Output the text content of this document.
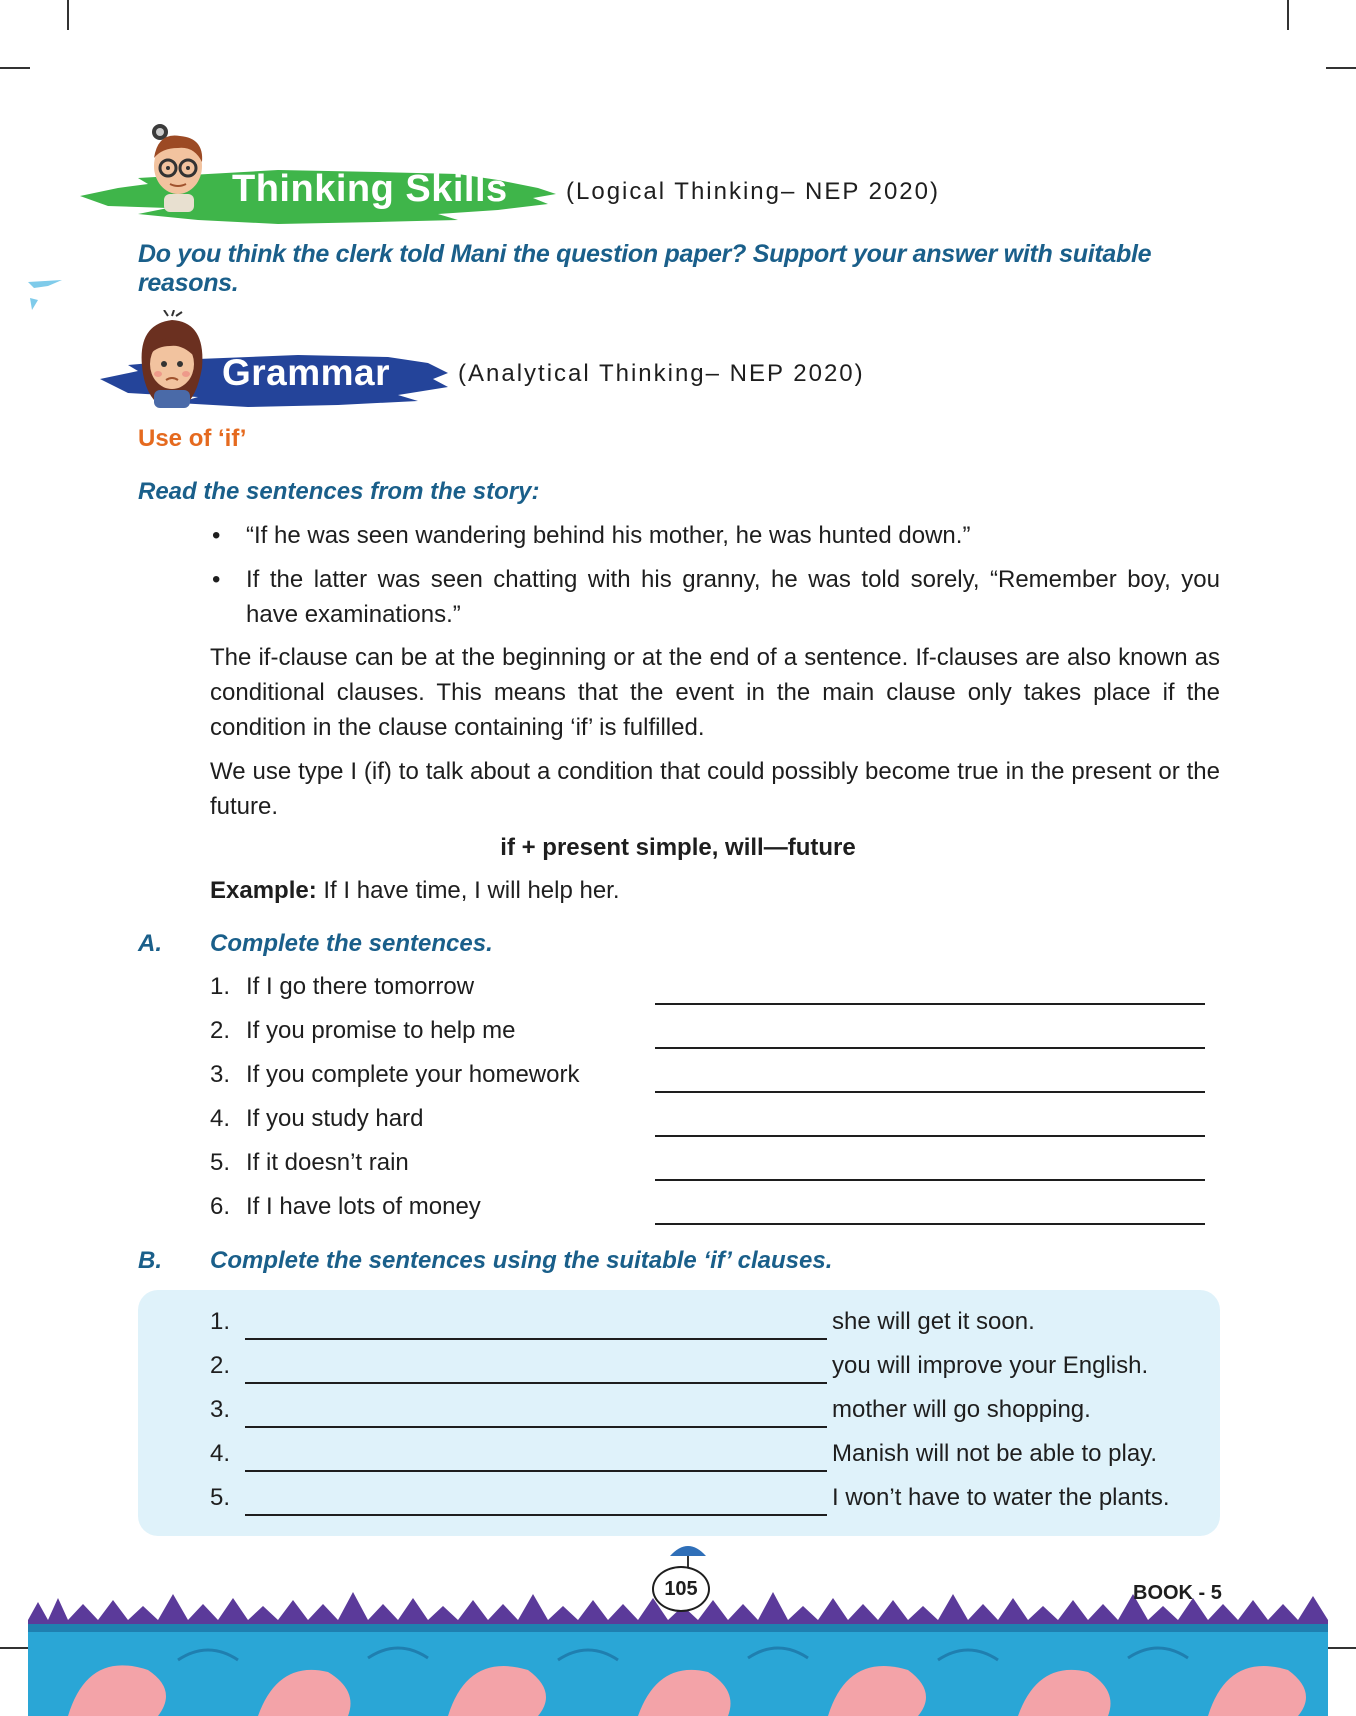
Thinking Skills (Logical Thinking– NEP 2020)
Do you think the clerk told Mani the question paper? Support your answer with suitable reasons.
Grammar	(Analytical Thinking– NEP 2020)
Use of ‘if’
Read the sentences from the story:
• “If he was seen wandering behind his mother, he was hunted down.”
• If the latter was seen chatting with his granny, he was told sorely, “Remember boy, you have examinations.”
The if-clause can be at the beginning or at the end of a sentence. If-clauses are also known as conditional clauses. This means that the event in the main clause only takes place if the condition in the clause containing ‘if’ is fulfilled.
We use type I (if) to talk about a condition that could possibly become true in the present or the future.
if + present simple, will—future
Example: If I have time, I will help her.
A. Complete the sentences.
1. If I go there tomorrow
2. If you promise to help me
3. If you complete your homework
4. If you study hard
5. If it doesn’t rain
6. If I have lots of money
B. Complete the sentences using the suitable ‘if’ clauses.
1.	she will get it soon.
2.	you will improve your English.
3.	mother will go shopping.
4.	Manish will not be able to play.
5.	I won’t have to water the plants.
105	BOOK - 5
